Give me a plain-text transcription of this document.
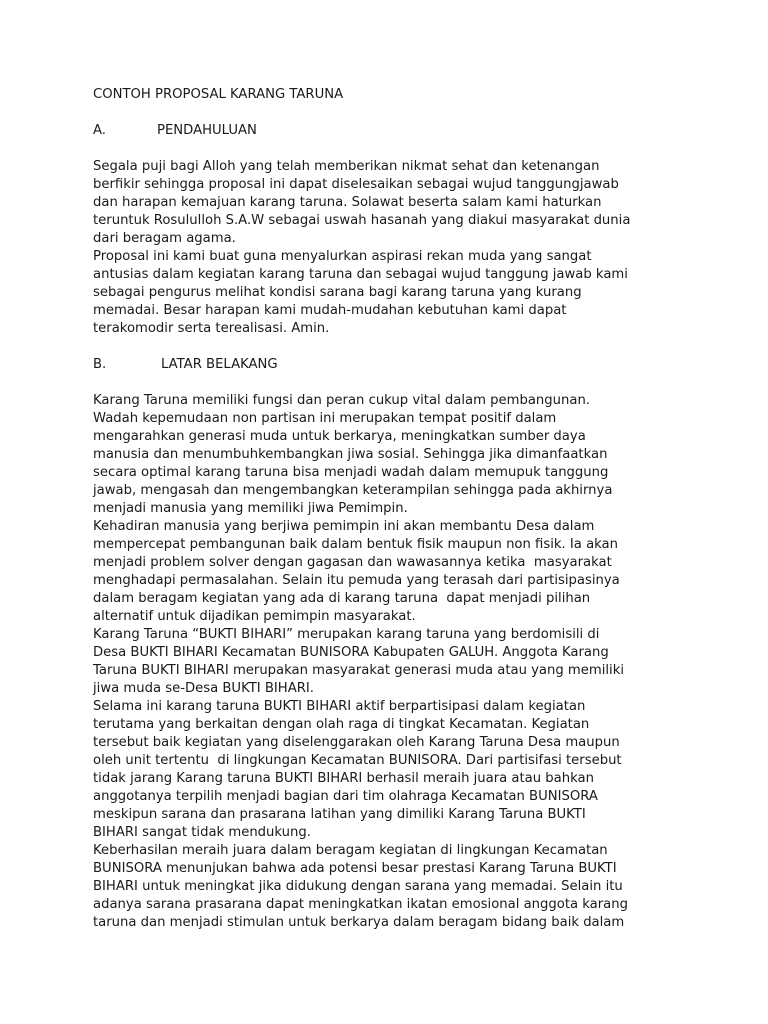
CONTOH PROPOSAL KARANG TARUNA
A.	PENDAHULUAN
Segala puji bagi Alloh yang telah memberikan nikmat sehat dan ketenangan
berfikir sehingga proposal ini dapat diselesaikan sebagai wujud tanggungjawab
dan harapan kemajuan karang taruna. Solawat beserta salam kami haturkan
teruntuk Rosululloh S.A.W sebagai uswah hasanah yang diakui masyarakat dunia
dari beragam agama.
Proposal ini kami buat guna menyalurkan aspirasi rekan muda yang sangat
antusias dalam kegiatan karang taruna dan sebagai wujud tanggung jawab kami
sebagai pengurus melihat kondisi sarana bagi karang taruna yang kurang
memadai. Besar harapan kami mudah-mudahan kebutuhan kami dapat
terakomodir serta terealisasi. Amin.
B.	LATAR BELAKANG
Karang Taruna memiliki fungsi dan peran cukup vital dalam pembangunan.
Wadah kepemudaan non partisan ini merupakan tempat positif dalam
mengarahkan generasi muda untuk berkarya, meningkatkan sumber daya
manusia dan menumbuhkembangkan jiwa sosial. Sehingga jika dimanfaatkan
secara optimal karang taruna bisa menjadi wadah dalam memupuk tanggung
jawab, mengasah dan mengembangkan keterampilan sehingga pada akhirnya
menjadi manusia yang memiliki jiwa Pemimpin.
Kehadiran manusia yang berjiwa pemimpin ini akan membantu Desa dalam
mempercepat pembangunan baik dalam bentuk fisik maupun non fisik. Ia akan
menjadi problem solver dengan gagasan dan wawasannya ketika  masyarakat
menghadapi permasalahan. Selain itu pemuda yang terasah dari partisipasinya
dalam beragam kegiatan yang ada di karang taruna  dapat menjadi pilihan
alternatif untuk dijadikan pemimpin masyarakat.
Karang Taruna “BUKTI BIHARI” merupakan karang taruna yang berdomisili di
Desa BUKTI BIHARI Kecamatan BUNISORA Kabupaten GALUH. Anggota Karang
Taruna BUKTI BIHARI merupakan masyarakat generasi muda atau yang memiliki
jiwa muda se-Desa BUKTI BIHARI.
Selama ini karang taruna BUKTI BIHARI aktif berpartisipasi dalam kegiatan
terutama yang berkaitan dengan olah raga di tingkat Kecamatan. Kegiatan
tersebut baik kegiatan yang diselenggarakan oleh Karang Taruna Desa maupun
oleh unit tertentu  di lingkungan Kecamatan BUNISORA. Dari partisifasi tersebut
tidak jarang Karang taruna BUKTI BIHARI berhasil meraih juara atau bahkan
anggotanya terpilih menjadi bagian dari tim olahraga Kecamatan BUNISORA
meskipun sarana dan prasarana latihan yang dimiliki Karang Taruna BUKTI
BIHARI sangat tidak mendukung.
Keberhasilan meraih juara dalam beragam kegiatan di lingkungan Kecamatan
BUNISORA menunjukan bahwa ada potensi besar prestasi Karang Taruna BUKTI
BIHARI untuk meningkat jika didukung dengan sarana yang memadai. Selain itu
adanya sarana prasarana dapat meningkatkan ikatan emosional anggota karang
taruna dan menjadi stimulan untuk berkarya dalam beragam bidang baik dalam
